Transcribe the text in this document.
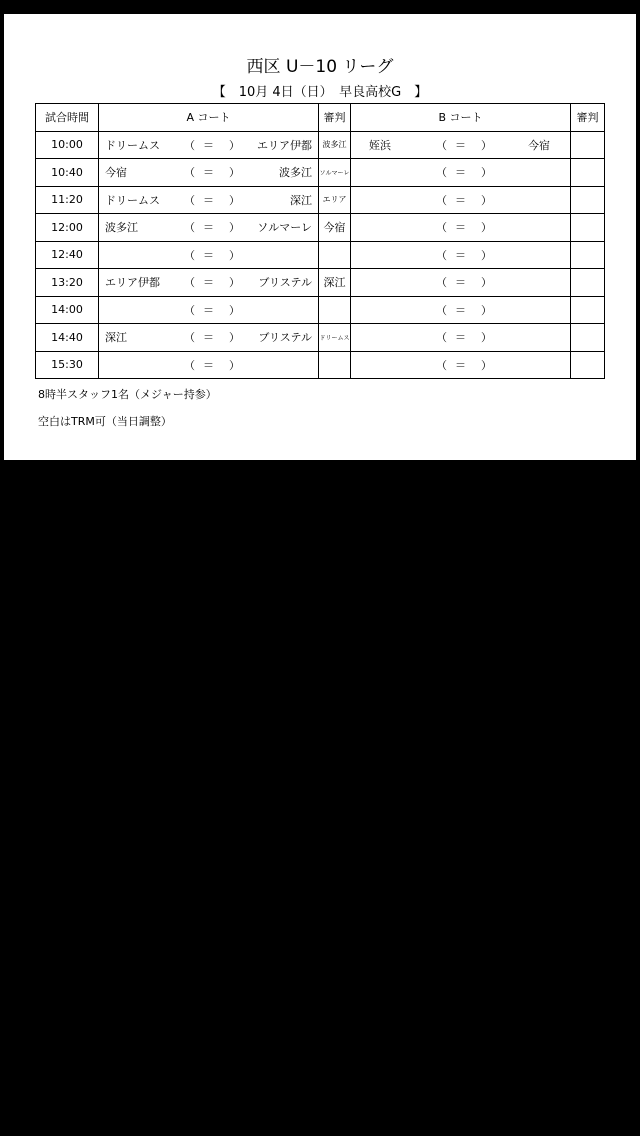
西区 U－10 リーグ
【　10月 4日（日）　早良高校G　】
試合時間	A コート	審判	B コート	審判
10:00	ドリームス （ ＝ ） エリア伊都	波多江	姪浜 （ ＝ ） 今宿	

10:40	今宿 （ ＝ ） 波多江	ソルマーレ	（ ＝ ）	

11:20	ドリームス （ ＝ ） 深江	エリア	（ ＝ ）	

12:00	波多江 （ ＝ ） ソルマーレ	今宿	（ ＝ ）	

12:40	（ ＝ ）		（ ＝ ）	

13:20	エリア伊都 （ ＝ ） ブリステル	深江	（ ＝ ）	

14:00	（ ＝ ）		（ ＝ ）	

14:40	深江 （ ＝ ） ブリステル	ドリームス	（ ＝ ）	

15:30	（ ＝ ）		（ ＝ ）	

8時半スタッフ1名（メジャー持参）
空白はTRM可（当日調整）
